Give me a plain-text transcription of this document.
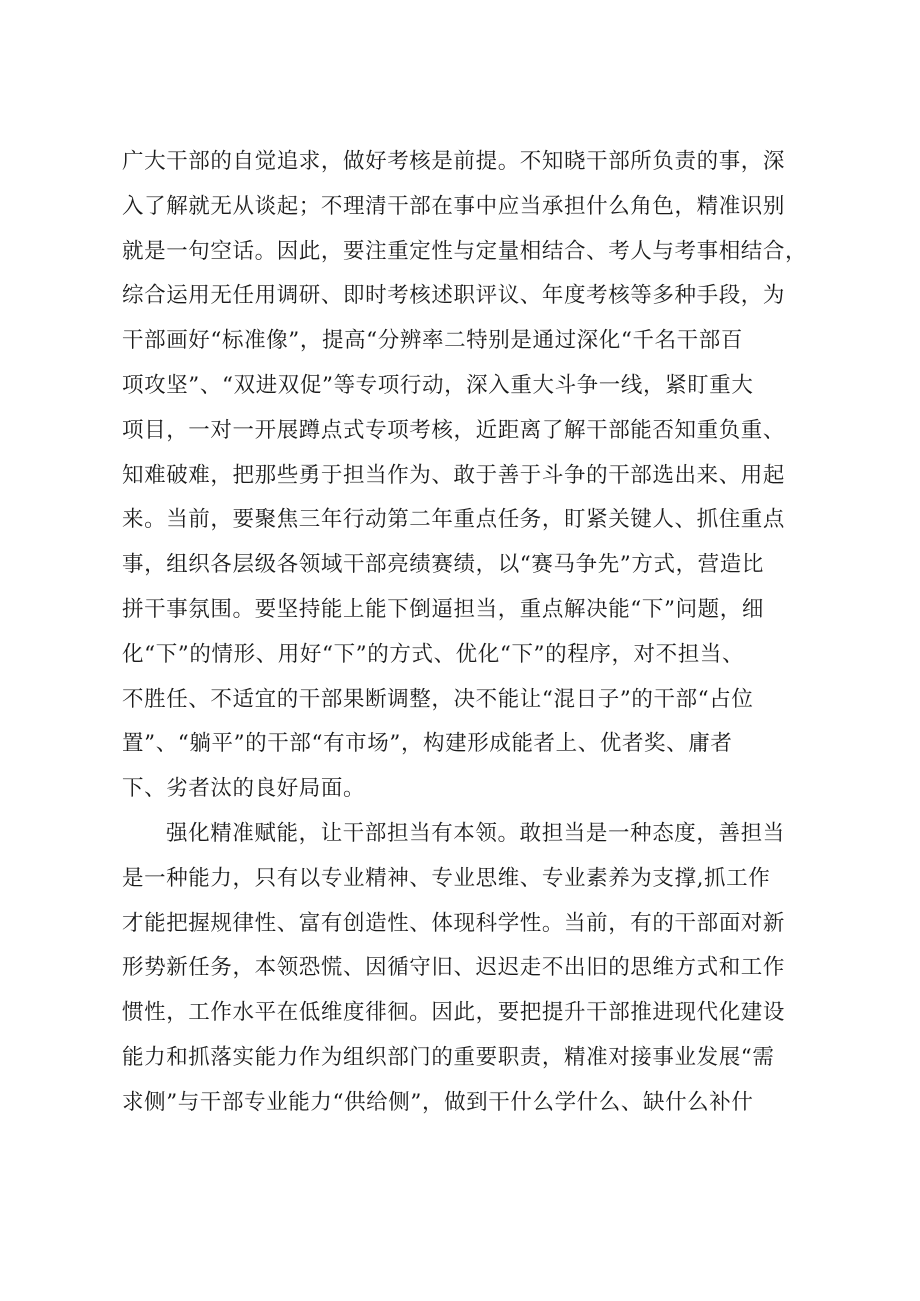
广大干部的自觉追求，做好考核是前提。不知晓干部所负责的事，深
入了解就无从谈起；不理清干部在事中应当承担什么角色，精准识别
就是一句空话。因此，要注重定性与定量相结合、考人与考事相结合，
综合运用无任用调研、即时考核述职评议、年度考核等多种手段，为
干部画好“标准像”，提高“分辨率二特别是通过深化“千名干部百
项攻坚”、“双进双促”等专项行动，深入重大斗争一线，紧盯重大
项目，一对一开展蹲点式专项考核，近距离了解干部能否知重负重、
知难破难，把那些勇于担当作为、敢于善于斗争的干部选出来、用起
来。当前，要聚焦三年行动第二年重点任务，盯紧关键人、抓住重点
事，组织各层级各领域干部亮绩赛绩，以“赛马争先”方式，营造比
拼干事氛围。要坚持能上能下倒逼担当，重点解决能“下”问题，细
化“下”的情形、用好“下”的方式、优化“下”的程序，对不担当、
不胜任、不适宜的干部果断调整，决不能让“混日子”的干部“占位
置”、“躺平”的干部“有市场”，构建形成能者上、优者奖、庸者
下、劣者汰的良好局面。
强化精准赋能，让干部担当有本领。敢担当是一种态度，善担当
是一种能力，只有以专业精神、专业思维、专业素养为支撑,抓工作
才能把握规律性、富有创造性、体现科学性。当前，有的干部面对新
形势新任务，本领恐慌、因循守旧、迟迟走不出旧的思维方式和工作
惯性，工作水平在低维度徘徊。因此，要把提升干部推进现代化建设
能力和抓落实能力作为组织部门的重要职责，精准对接事业发展“需
求侧”与干部专业能力“供给侧”，做到干什么学什么、缺什么补什
